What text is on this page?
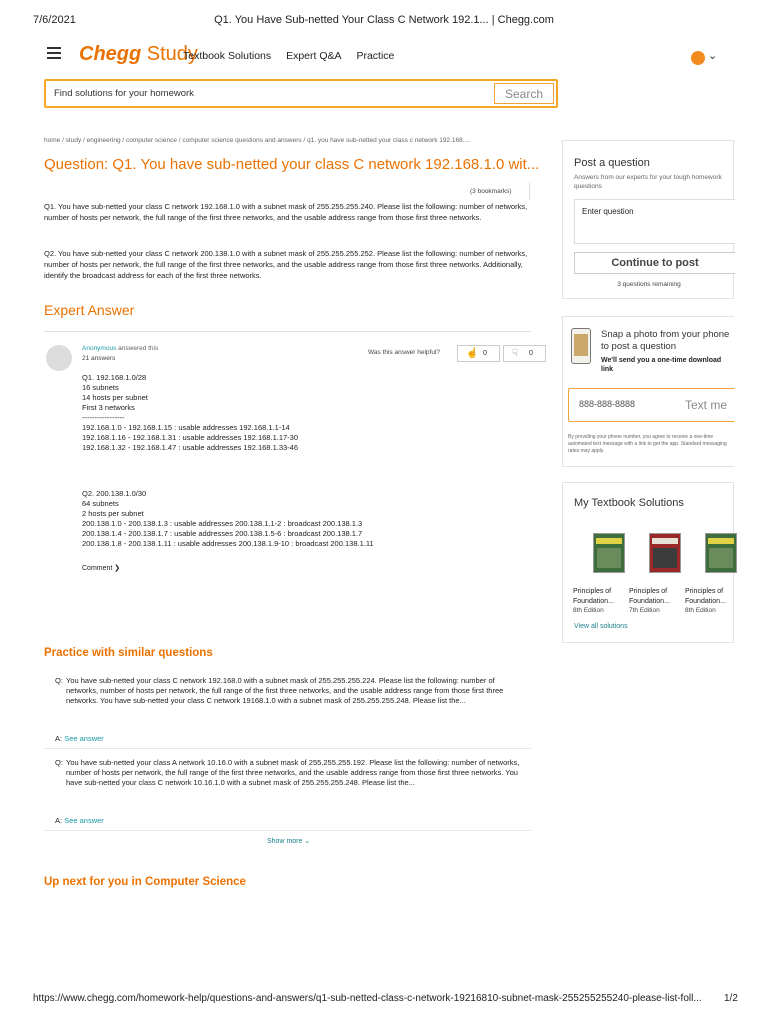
7/6/2021	Q1. You Have Sub-netted Your Class C Network 192.1... | Chegg.com
Chegg Study
Textbook Solutions Expert Q&A Practice	⌄
Find solutions for your homework
Search
home / study / engineering / computer science / computer science questions and answers / q1. you have sub-netted your class c network 192.168....
Question: Q1. You have sub-netted your class C network 192.168.1.0 wit...
(3 bookmarks)
Q1. You have sub-netted your class C network 192.168.1.0 with a subnet mask of 255.255.255.240. Please list the following: number of networks, number of hosts per network, the full range of the first three networks, and the usable address range from those first three networks.
Q2. You have sub-netted your class C network 200.138.1.0 with a subnet mask of 255.255.255.252. Please list the following: number of networks, number of hosts per network, the full range of the first three networks, and the usable address range from those first three networks. Additionally, identify the broadcast address for each of the first three networks.
Expert Answer
Anonymous answered this
21 answers
Was this answer helpful?	☝ 0	☟ 0
Q1. 192.168.1.0/28
16 subnets
14 hosts per subnet
First 3 networks
-----------------
192.168.1.0 - 192.168.1.15 : usable addresses 192.168.1.1-14
192.168.1.16 - 192.168.1.31 : usable addresses 192.168.1.17-30
192.168.1.32 - 192.168.1.47 : usable addresses 192.168.1.33-46
Q2. 200.138.1.0/30
64 subnets
2 hosts per subnet
200.138.1.0 - 200.138.1.3 : usable addresses 200.138.1.1-2 : broadcast 200.138.1.3
200.138.1.4 - 200.138.1.7 : usable addresses 200.138.1.5-6 : broadcast 200.138.1.7
200.138.1.8 - 200.138.1.11 : usable addresses 200.138.1.9-10 : broadcast 200.138.1.11
Comment ❯
Practice with similar questions
Q: You have sub-netted your class C network 192.168.0 with a subnet mask of 255.255.255.224. Please list the following: number of networks, number of hosts per network, the full range of the first three networks, and the usable address range from those first three networks. You have sub-netted your class C network 19168.1.0 with a subnet mask of 255.255.255.248. Please list the...
A: See answer
Q: You have sub-netted your class A network 10.16.0 with a subnet mask of 255.255.255.192. Please list the following: number of networks, number of hosts per network, the full range of the first three networks, and the usable address range from those first three networks. You have sub-netted your class C network 10.16.1.0 with a subnet mask of 255.255.255.248. Please list the...
A: See answer
Show more ⌄
Up next for you in Computer Science
Post a question
Answers from our experts for your tough homework questions
Enter question
Continue to post
3 questions remaining
Snap a photo from your phone to post a question
We'll send you a one-time download link
888-888-8888
Text me
By providing your phone number, you agree to receive a one-time automated text message with a link to get the app. Standard messaging rates may apply.
My Textbook Solutions
Principles of Foundation...
8th Edition
Principles of Foundation...
7th Edition
Principles of Foundation...
8th Edition
View all solutions
https://www.chegg.com/homework-help/questions-and-answers/q1-sub-netted-class-c-network-19216810-subnet-mask-255255255240-please-list-foll... 1/2
